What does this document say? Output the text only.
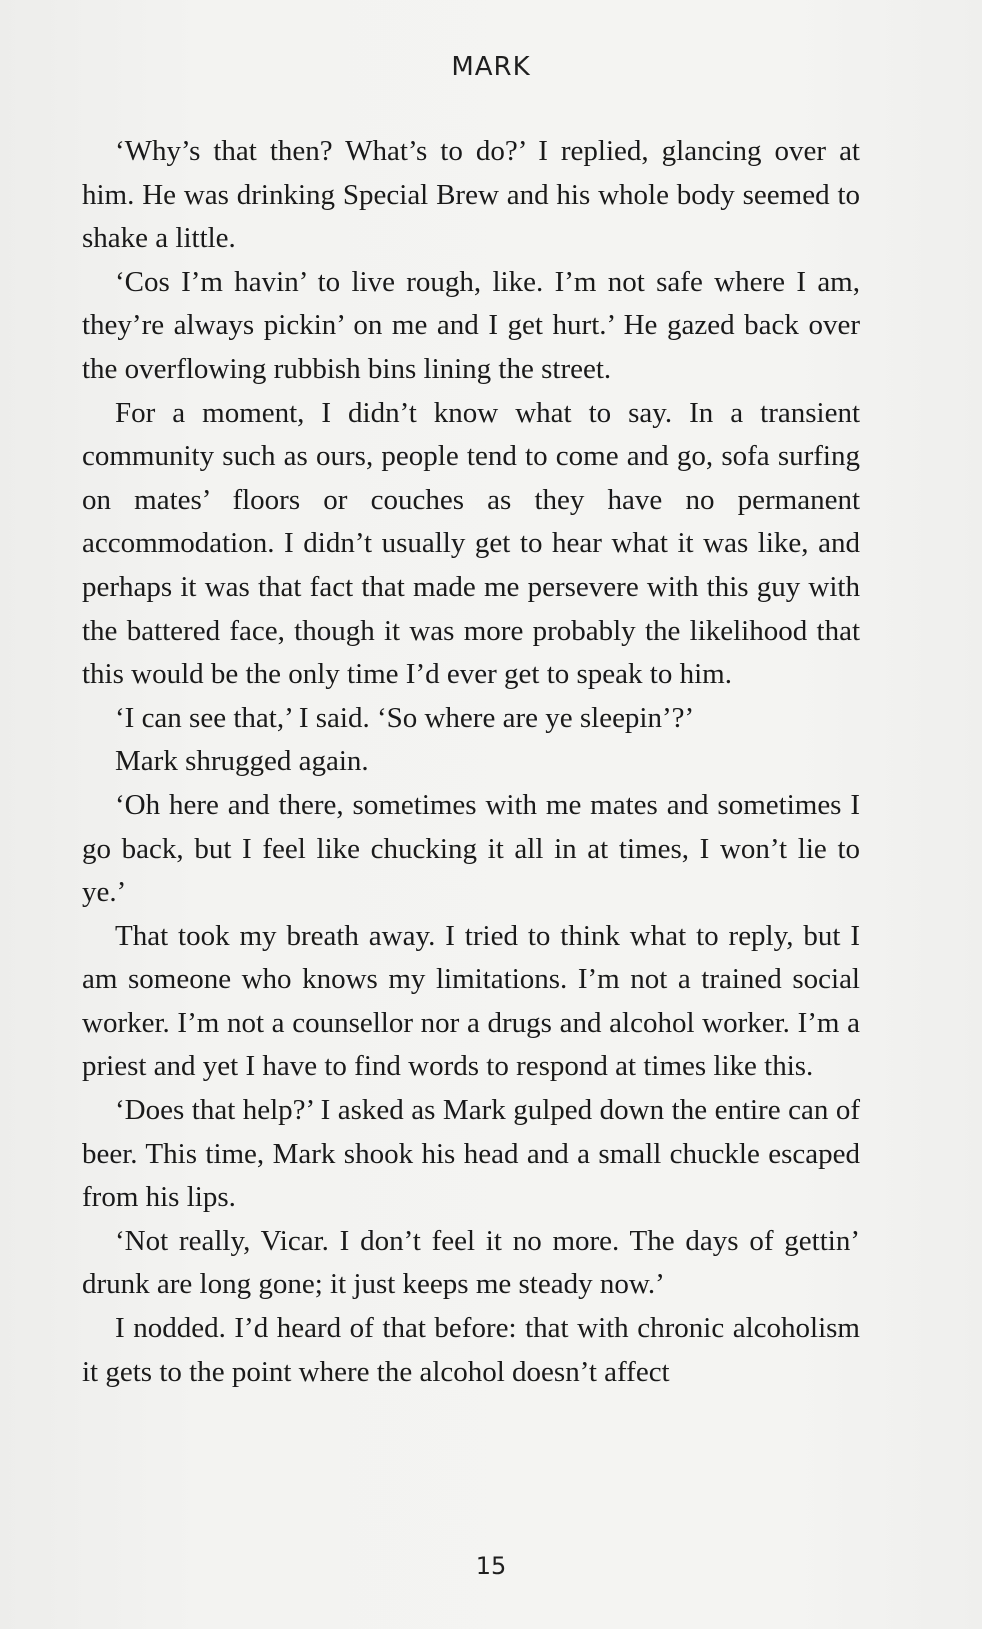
MARK

‘Why’s that then? What’s to do?’ I replied, glancing over at him. He was drinking Special Brew and his whole body seemed to shake a little.

‘Cos I’m havin’ to live rough, like. I’m not safe where I am, they’re always pickin’ on me and I get hurt.’ He gazed back over the overflowing rubbish bins lining the street.

For a moment, I didn’t know what to say. In a transient community such as ours, people tend to come and go, sofa surfing on mates’ floors or couches as they have no permanent accommodation. I didn’t usually get to hear what it was like, and perhaps it was that fact that made me persevere with this guy with the battered face, though it was more probably the likelihood that this would be the only time I’d ever get to speak to him.

‘I can see that,’ I said. ‘So where are ye sleepin’?’

Mark shrugged again.

‘Oh here and there, sometimes with me mates and sometimes I go back, but I feel like chucking it all in at times, I won’t lie to ye.’

That took my breath away. I tried to think what to reply, but I am someone who knows my limitations. I’m not a trained social worker. I’m not a counsellor nor a drugs and alcohol worker. I’m a priest and yet I have to find words to respond at times like this.

‘Does that help?’ I asked as Mark gulped down the entire can of beer. This time, Mark shook his head and a small chuckle escaped from his lips.

‘Not really, Vicar. I don’t feel it no more. The days of gettin’ drunk are long gone; it just keeps me steady now.’

I nodded. I’d heard of that before: that with chronic alcoholism it gets to the point where the alcohol doesn’t affect

15
